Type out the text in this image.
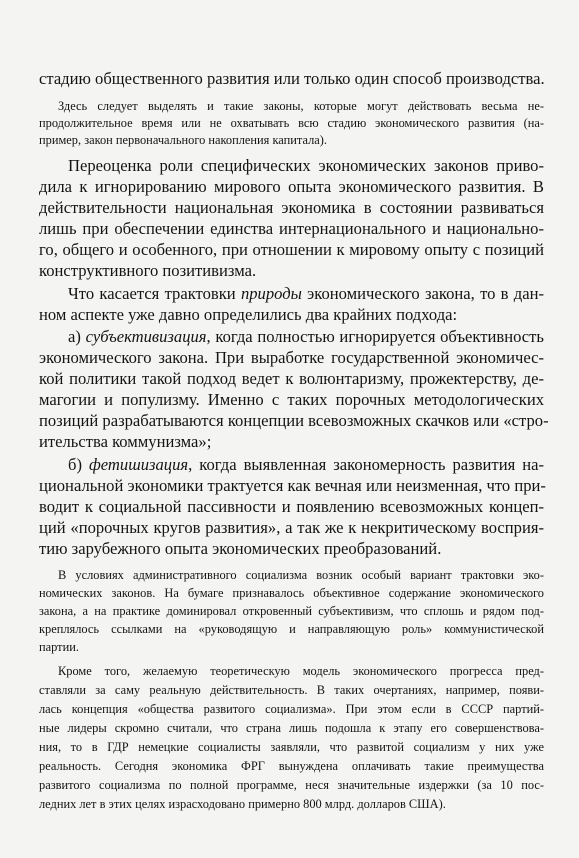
стадию общественного развития или только один способ производства.
Здесь следует выделять и такие законы, которые могут действовать весьма не-
продолжительное время или не охватывать всю стадию экономического развития (на-
пример, закон первоначального накопления капитала).
Переоценка роли специфических экономических законов приво-
дила к игнорированию мирового опыта экономического развития. В
действительности национальная экономика в состоянии развиваться
лишь при обеспечении единства интернационального и национально-
го, общего и особенного, при отношении к мировому опыту с позиций
конструктивного позитивизма.
Что касается трактовки природы экономического закона, то в дан-
ном аспекте уже давно определились два крайних подхода:
а) субъективизация, когда полностью игнорируется объективность
экономического закона. При выработке государственной экономичес-
кой политики такой подход ведет к волюнтаризму, прожектерству, де-
магогии и популизму. Именно с таких порочных методологических
позиций разрабатываются концепции всевозможных скачков или «стро-
ительства коммунизма»;
б) фетишизация, когда выявленная закономерность развития на-
циональной экономики трактуется как вечная или неизменная, что при-
водит к социальной пассивности и появлению всевозможных концеп-
ций «порочных кругов развития», а так же к некритическому восприя-
тию зарубежного опыта экономических преобразований.
В условиях административного социализма возник особый вариант трактовки эко-
номических законов. На бумаге признавалось объективное содержание экономического
закона, а на практике доминировал откровенный субъективизм, что сплошь и рядом под-
креплялось ссылками на «руководящую и направляющую роль» коммунистической
партии.
Кроме того, желаемую теоретическую модель экономического прогресса пред-
ставляли за саму реальную действительность. В таких очертаниях, например, появи-
лась концепция «общества развитого социализма». При этом если в СССР партий-
ные лидеры скромно считали, что страна лишь подошла к этапу его совершенствова-
ния, то в ГДР немецкие социалисты заявляли, что развитой социализм у них уже
реальность. Сегодня экономика ФРГ вынуждена оплачивать такие преимущества
развитого социализма по полной программе, неся значительные издержки (за 10 пос-
ледних лет в этих целях израсходовано примерно 800 млрд. долларов США).
